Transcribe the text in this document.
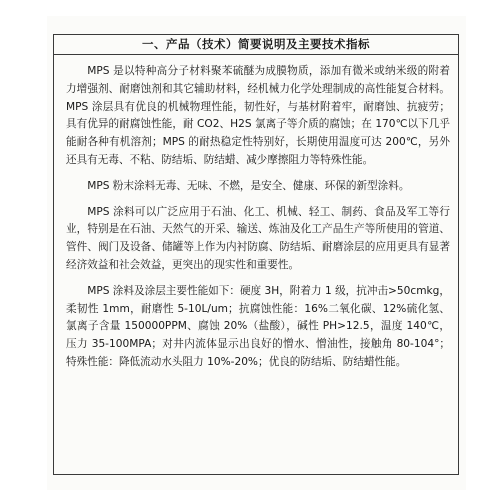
一、产品（技术）简要说明及主要技术指标

MPS 是以特种高分子材料聚苯硫醚为成膜物质，添加有微米或纳米级的附着力增强剂、耐磨蚀剂和其它辅助材料，经机械力化学处理制成的高性能复合材料。MPS 涂层具有优良的机械物理性能，韧性好，与基材附着牢，耐磨蚀、抗疲劳；具有优异的耐腐蚀性能，耐 CO2、H2S 氯离子等介质的腐蚀；在 170℃以下几乎能耐各种有机溶剂；MPS 的耐热稳定性特别好，长期使用温度可达 200℃，另外还具有无毒、不粘、防结垢、防结蜡、减少摩擦阻力等特殊性能。

MPS 粉末涂料无毒、无味、不燃，是安全、健康、环保的新型涂料。

MPS 涂料可以广泛应用于石油、化工、机械、轻工、制药、食品及军工等行业，特别是在石油、天然气的开采、输送、炼油及化工产品生产等所使用的管道、管件、阀门及设备、储罐等上作为内衬防腐、防结垢、耐磨涂层的应用更具有显著经济效益和社会效益，更突出的现实性和重要性。

MPS 涂料及涂层主要性能如下：硬度 3H，附着力 1 级，抗冲击>50cmkg，柔韧性 1mm，耐磨性 5-10L/um；抗腐蚀性能：16%二氧化碳、12%硫化氢、氯离子含量 150000PPM、腐蚀 20%（盐酸），碱性 PH>12.5，温度 140℃，压力 35-100MPA；对井内流体显示出良好的憎水、憎油性，接触角 80-104°；特殊性能：降低流动水头阻力 10%-20%；优良的防结垢、防结蜡性能。
